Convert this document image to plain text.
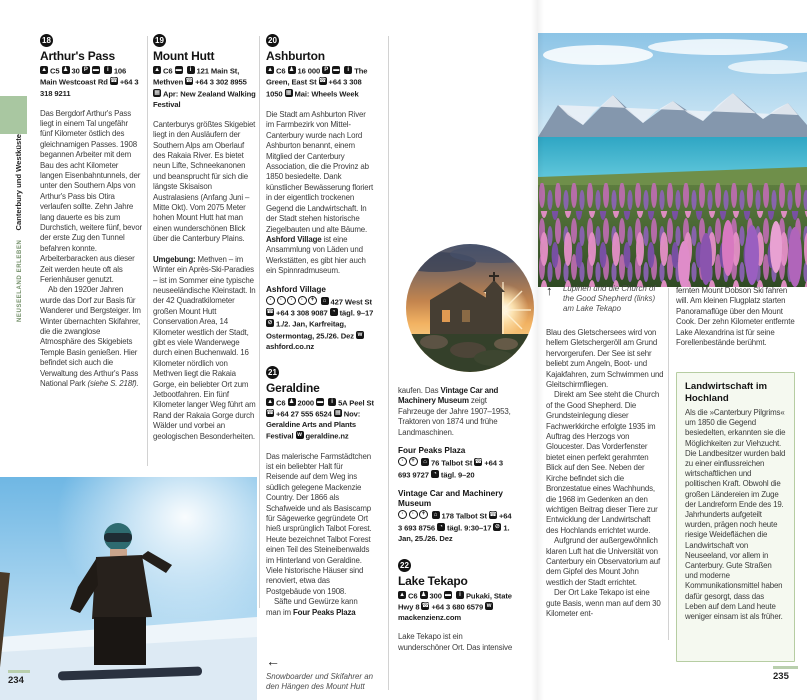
NEUSEELAND ERLEBENCanterbury und Westküste
18
Arthur's Pass
▲ C5 ♟ 30 P ▬ i 106 Main Westcoast Rd ☎ +64 3 318 9211

Das Bergdorf Arthur's Pass liegt in einem Tal ungefähr fünf Kilometer östlich des gleichnamigen Passes. 1908 begannen Arbeiter mit dem Bau des acht Kilometer langen Eisenbahntunnels, der unter den Southern Alps von Arthur's Pass bis Otira verlaufen sollte. Zehn Jahre lang dauerte es bis zum Durchstich, weitere fünf, bevor der erste Zug den Tunnel befahren konnte. Arbeiterbaracken aus dieser Zeit werden heute oft als Ferienhäuser genutzt.

Ab den 1920er Jahren wurde das Dorf zur Basis für Wanderer und Bergsteiger. Im Winter übernachten Skifahrer, die die zwanglose Atmosphäre des Skigebiets Temple Basin genießen. Hier befindet sich auch die Verwaltung des Arthur's Pass National Park (siehe S. 218f).

19
Mount Hutt
▲ C6 ▬ i 121 Main St, Methven ☎ +64 3 302 8955 ▦ Apr: New Zealand Walking Festival

Canterburys größtes Skigebiet liegt in den Ausläufern der Southern Alps am Oberlauf des Rakaia River. Es bietet neun Lifte, Schneekanonen und beansprucht für sich die längste Skisaison Australasiens (Anfang Juni – Mitte Okt). Vom 2075 Meter hohen Mount Hutt hat man einen wunderschönen Blick über die Canterbury Plains.

Umgebung: Methven – im Winter ein Après-Ski-Paradies – ist im Sommer eine typische neuseeländische Kleinstadt. In der 42 Quadratkilometer großen Mount Hutt Conservation Area, 14 Kilometer westlich der Stadt, gibt es viele Wanderwege durch einen Buchenwald. 16 Kilometer nördlich von Methven liegt die Rakaia Gorge, ein beliebter Ort zum Jetbootfahren. Ein fünf Kilometer langer Weg führt am Rand der Rakaia Gorge durch Wälder und vorbei an geologischen Besonderheiten.

20
Ashburton
▲ C6 ♟ 16 000 P ▬ i The Green, East St ☎ +64 3 308 1050 ▦ Mai: Wheels Week

Die Stadt am Ashburton River im Farmbezirk von Mittel-Canterbury wurde nach Lord Ashburton benannt, einem Mitglied der Canterbury Association, die die Provinz ab 1850 besiedelte. Dank künstlicher Bewässerung floriert in der eigentlich trockenen Gegend die Landwirtschaft. In der Stadt stehen historische Ziegelbauten und alte Bäume. Ashford Village ist eine Ansammlung von Läden und Werkstätten, es gibt hier auch ein Spinnradmuseum.

Ashford Village
· · · · + ⌂ 427 West St ☎ +64 3 308 9087 ◔ tägl. 9–17 ⊘ 1./2. Jan, Karfreitag, Ostermontag, 25./26. Dez washford.co.nz
21
Geraldine
▲ C6 ♟ 2000 ▬ i 5A Peel St ☎ +64 27 555 6524 ▦ Nov: Geraldine Arts and Plants Festival w geraldine.nz

Das malerische Farmstädtchen ist ein beliebter Halt für Reisende auf dem Weg ins südlich gelegene Mackenzie Country. Der 1866 als Schafweide und als Basiscamp für Sägewerke gegründete Ort hieß ursprünglich Talbot Forest. Heute bezeichnet Talbot Forest einen Teil des Steineibenwalds im Hinterland von Geraldine. Viele historische Häuser sind renoviert, etwa das Postgebäude von 1908.

Säfte und Gewürze kann man im Four Peaks Plaza

←
Snowboarder und Skifahrer an den Hängen des Mount Hutt

kaufen. Das Vintage Car and Machinery Museum zeigt Fahrzeuge der Jahre 1907–1953, Traktoren von 1874 und frühe Landmaschinen.

Four Peaks Plaza
· + ⌂ 76 Talbot St ☎ +64 3 693 9727 ◔ tägl. 9–20
Vintage Car and Machinery Museum
· · + ⌂ 178 Talbot St ☎ +64 3 693 8756 ◔ tägl. 9:30–17 ⊘ 1. Jan, 25./26. Dez
22
Lake Tekapo
▲ C6 ♟ 300 ▬ i Pukaki, State Hwy 8 ☎ +64 3 680 6579 wmackenzienz.com

Lake Tekapo ist ein wunderschöner Ort. Das intensive

↑	Lupinen und die Church of the Good Shepherd (links) am Lake Tekapo

Blau des Gletschersees wird von hellem Gletschergeröll am Grund hervorgerufen. Der See ist sehr beliebt zum Angeln, Boot- und Kajakfahren, zum Schwimmen und Gleitschirmfliegen.

Direkt am See steht die Church of the Good Shepherd. Die Grundsteinlegung dieser Fachwerkkirche erfolgte 1935 im Auftrag des Herzogs von Gloucester. Das Vorderfenster bietet einen perfekt gerahmten Blick auf den See. Neben der Kirche befindet sich die Bronzestatue eines Wachhunds, die 1968 im Gedenken an den wichtigen Beitrag dieser Tiere zur Entwicklung der Landwirtschaft des Hochlands errichtet wurde.

Aufgrund der außergewöhnlich klaren Luft hat die Universität von Canterbury ein Observatorium auf dem Gipfel des Mount John westlich der Stadt errichtet.

Der Ort Lake Tekapo ist eine gute Basis, wenn man auf dem 30 Kilometer ent-

fernten Mount Dobson Ski fahren will. Am kleinen Flugplatz starten Panoramaflüge über den Mount Cook. Der zehn Kilometer entfernte Lake Alexandrina ist für seine Forellenbestände berühmt.

Landwirtschaft im Hochland
Als die »Canterbury Pilgrims« um 1850 die Gegend besiedelten, erkannten sie die Möglichkeiten zur Viehzucht. Die Landbesitzer wurden bald zu einer einflussreichen wirtschaftlichen und politischen Kraft. Obwohl die großen Ländereien im Zuge der Landreform Ende des 19. Jahrhunderts aufgeteilt wurden, prägen noch heute riesige Weideflächen die Landwirtschaft von Neuseeland, vor allem in Canterbury. Gute Straßen und moderne Kommunikationsmittel haben dafür gesorgt, dass das Leben auf dem Land heute weniger einsam ist als früher.
234	235
